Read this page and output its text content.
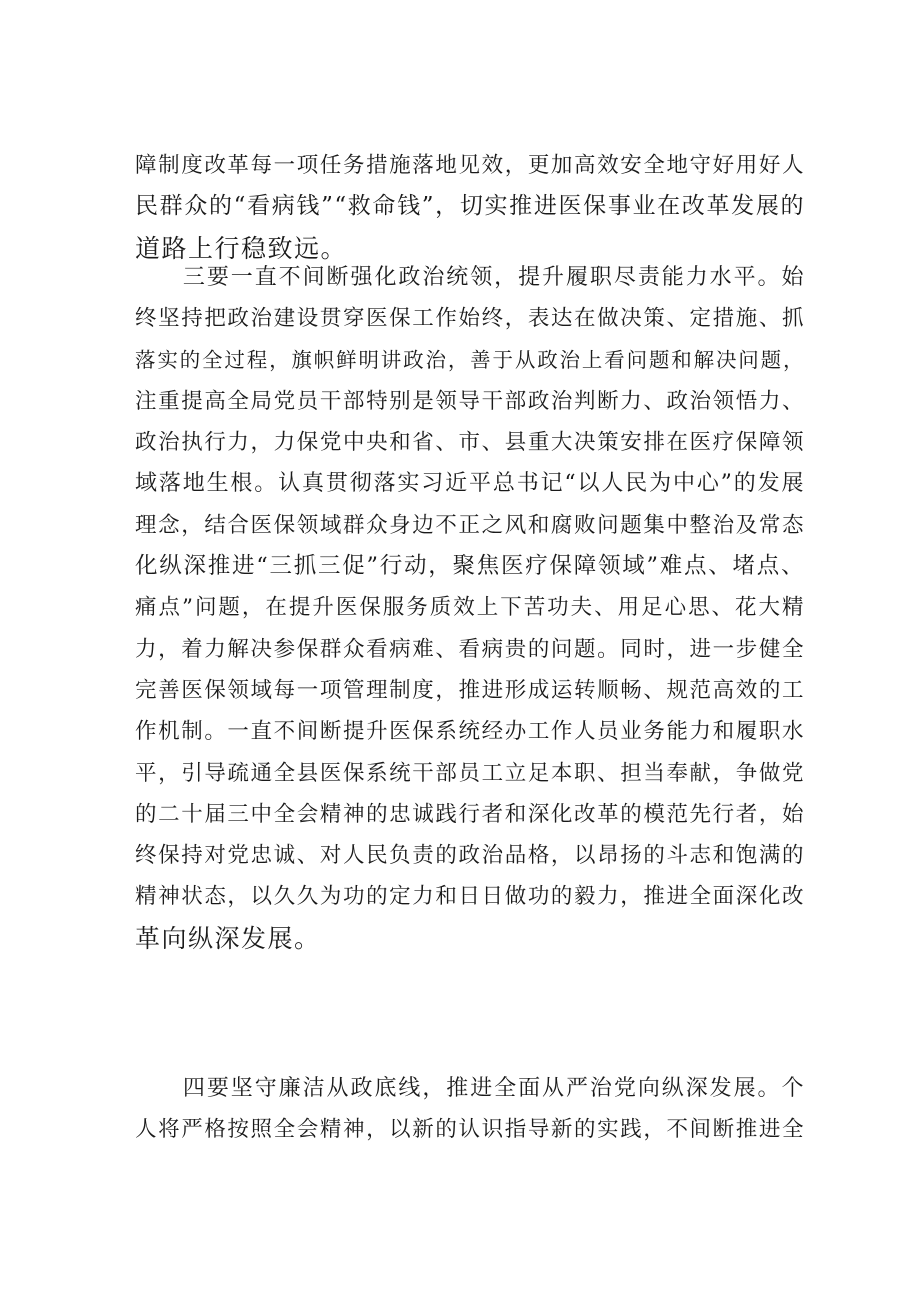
障制度改革每一项任务措施落地见效，更加高效安全地守好用好人
民群众的“看病钱”“救命钱”，切实推进医保事业在改革发展的
道路上行稳致远。
　　三要一直不间断强化政治统领，提升履职尽责能力水平。始
终坚持把政治建设贯穿医保工作始终，表达在做决策、定措施、抓
落实的全过程，旗帜鲜明讲政治，善于从政治上看问题和解决问题，
注重提高全局党员干部特别是领导干部政治判断力、政治领悟力、
政治执行力，力保党中央和省、市、县重大决策安排在医疗保障领
域落地生根。认真贯彻落实习近平总书记“以人民为中心”的发展
理念，结合医保领域群众身边不正之风和腐败问题集中整治及常态
化纵深推进“三抓三促”行动，聚焦医疗保障领域”难点、堵点、
痛点”问题，在提升医保服务质效上下苦功夫、用足心思、花大精
力，着力解决参保群众看病难、看病贵的问题。同时，进一步健全
完善医保领域每一项管理制度，推进形成运转顺畅、规范高效的工
作机制。一直不间断提升医保系统经办工作人员业务能力和履职水
平，引导疏通全县医保系统干部员工立足本职、担当奉献，争做党
的二十届三中全会精神的忠诚践行者和深化改革的模范先行者，始
终保持对党忠诚、对人民负责的政治品格，以昂扬的斗志和饱满的
精神状态，以久久为功的定力和日日做功的毅力，推进全面深化改
革向纵深发展。
　　四要坚守廉洁从政底线，推进全面从严治党向纵深发展。个
人将严格按照全会精神，以新的认识指导新的实践，不间断推进全
